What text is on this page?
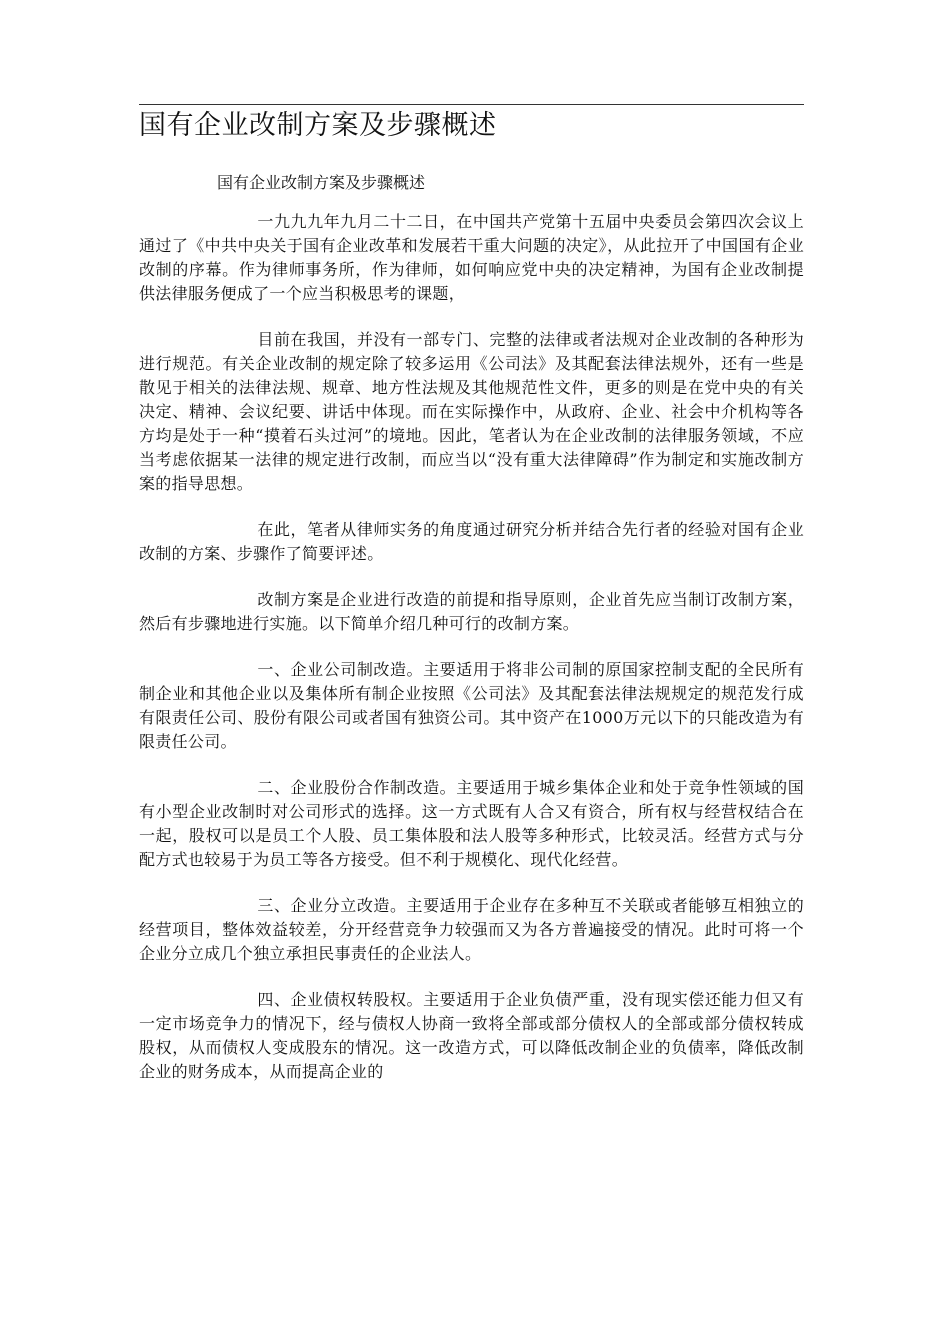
国有企业改制方案及步骤概述
国有企业改制方案及步骤概述

一九九九年九月二十二日，在中国共产党第十五届中央委员会第四次会议上通过了《中共中央关于国有企业改革和发展若干重大问题的决定》，从此拉开了中国国有企业改制的序幕。作为律师事务所，作为律师，如何响应党中央的决定精神，为国有企业改制提供法律服务便成了一个应当积极思考的课题，

目前在我国，并没有一部专门、完整的法律或者法规对企业改制的各种形为进行规范。有关企业改制的规定除了较多运用《公司法》及其配套法律法规外，还有一些是散见于相关的法律法规、规章、地方性法规及其他规范性文件，更多的则是在党中央的有关决定、精神、会议纪要、讲话中体现。而在实际操作中，从政府、企业、社会中介机构等各方均是处于一种“摸着石头过河”的境地。因此，笔者认为在企业改制的法律服务领域，不应当考虑依据某一法律的规定进行改制，而应当以“没有重大法律障碍”作为制定和实施改制方案的指导思想。

在此，笔者从律师实务的角度通过研究分析并结合先行者的经验对国有企业改制的方案、步骤作了简要评述。

改制方案是企业进行改造的前提和指导原则，企业首先应当制订改制方案，然后有步骤地进行实施。以下简单介绍几种可行的改制方案。

一、企业公司制改造。主要适用于将非公司制的原国家控制支配的全民所有制企业和其他企业以及集体所有制企业按照《公司法》及其配套法律法规规定的规范发行成有限责任公司、股份有限公司或者国有独资公司。其中资产在1000万元以下的只能改造为有限责任公司。

二、企业股份合作制改造。主要适用于城乡集体企业和处于竞争性领域的国有小型企业改制时对公司形式的选择。这一方式既有人合又有资合，所有权与经营权结合在一起，股权可以是员工个人股、员工集体股和法人股等多种形式，比较灵活。经营方式与分配方式也较易于为员工等各方接受。但不利于规模化、现代化经营。

三、企业分立改造。主要适用于企业存在多种互不关联或者能够互相独立的经营项目，整体效益较差，分开经营竞争力较强而又为各方普遍接受的情况。此时可将一个企业分立成几个独立承担民事责任的企业法人。

四、企业债权转股权。主要适用于企业负债严重，没有现实偿还能力但又有一定市场竞争力的情况下，经与债权人协商一致将全部或部分债权人的全部或部分债权转成股权，从而债权人变成股东的情况。这一改造方式，可以降低改制企业的负债率，降低改制企业的财务成本，从而提高企业的
